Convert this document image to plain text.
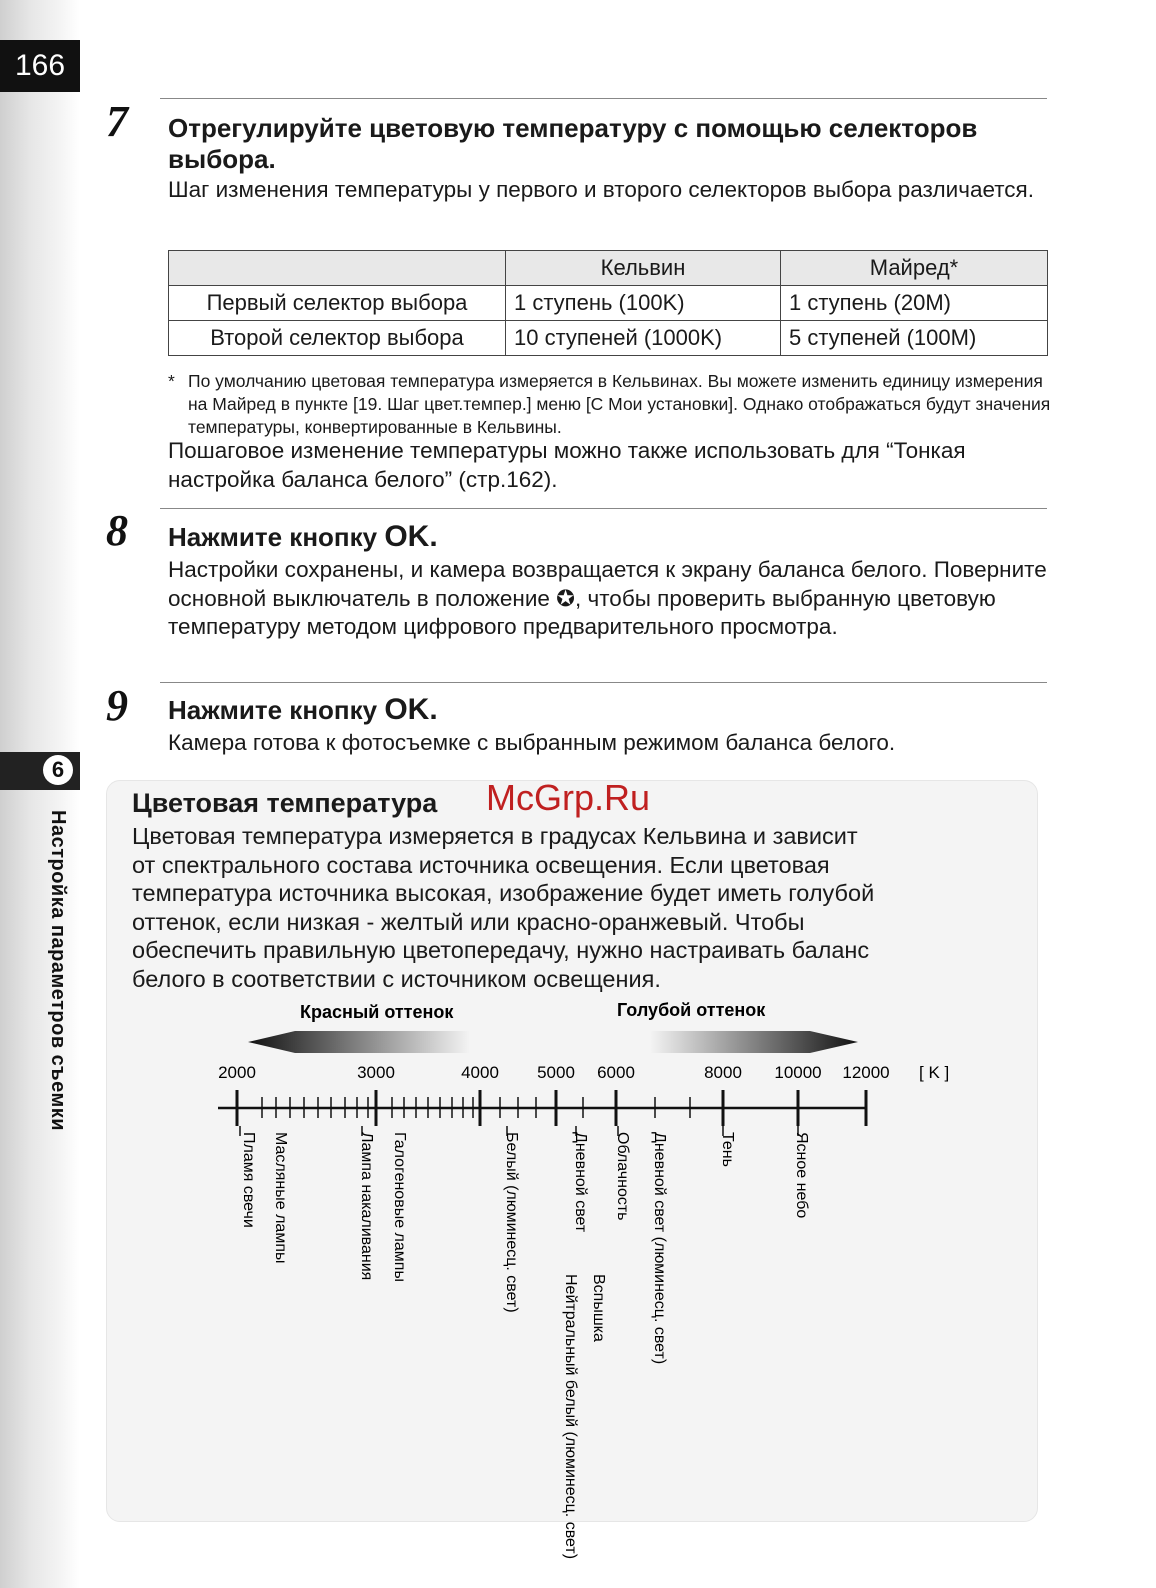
166
6
Настройка параметров съемки
7 Отрегулируйте цветовую температуру с помощью селекторов выбора.
Шаг изменения температуры у первого и второго селекторов выбора различается.
	Кельвин	Майред*
Первый селектор выбора	1 ступень (100K)	1 ступень (20M)
Второй селектор выбора	10 ступеней (1000K)	5 ступеней (100M)
* По умолчанию цветовая температура измеряется в Кельвинах. Вы можете изменить единицу измерения на Майред в пункте [19. Шаг цвет.темпер.] меню [C Мои установки]. Однако отображаться будут значения температуры, конвертированные в Кельвины.
Пошаговое изменение температуры можно также использовать для “Тонкая настройка баланса белого” (стр.162).
8 Нажмите кнопку OK.
Настройки сохранены, и камера возвращается к экрану баланса белого. Поверните основной выключатель в положение ✪, чтобы проверить выбранную цветовую температуру методом цифрового предварительного просмотра.
9 Нажмите кнопку OK.
Камера готова к фотосъемке с выбранным режимом баланса белого.
Цветовая температура McGrp.Ru
Цветовая температура измеряется в градусах Кельвина и зависит
от спектрального состава источника освещения. Если цветовая
температура источника высокая, изображение будет иметь голубой
оттенок, если низкая - желтый или красно-оранжевый. Чтобы
обеспечить правильную цветопередачу, нужно настраивать баланс
белого в соответствии с источником освещения.
Красный оттенок	Голубой оттенок
[ K ]
2000	3000	4000 5000 6000	8000 10000 12000
Пламя свечи Масляные лампы	Лампа накаливания Галогеновые лампы	Белый (люминесц. свет)
Нейтральный белый (люминесц. свет)
Дневной свет
Вспышка
Облачность Дневной свет (люминесц. свет)	Тень	Ясное небо
